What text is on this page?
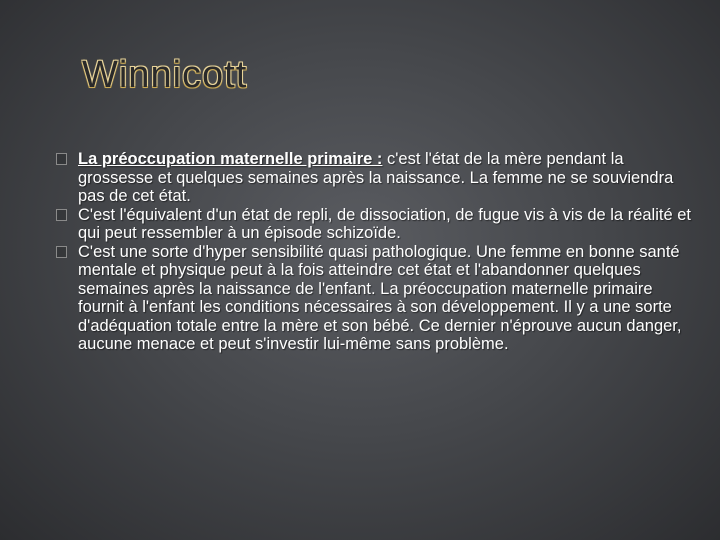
Winnicott
La préoccupation maternelle primaire : c'est l'état de la mère pendant la grossesse et quelques semaines après la naissance. La femme ne se souviendra pas de cet état.
C'est l'équivalent d'un état de repli, de dissociation, de fugue vis à vis de la réalité et qui peut ressembler à un épisode schizoïde.
C'est une sorte d'hyper sensibilité quasi pathologique. Une femme en bonne santé mentale et physique peut à la fois atteindre cet état et l'abandonner quelques semaines après la naissance de l'enfant. La préoccupation maternelle primaire fournit à l'enfant les conditions nécessaires à son développement. Il y a une sorte d'adéquation totale entre la mère et son bébé. Ce dernier n'éprouve aucun danger, aucune menace et peut s'investir lui-même sans problème.
